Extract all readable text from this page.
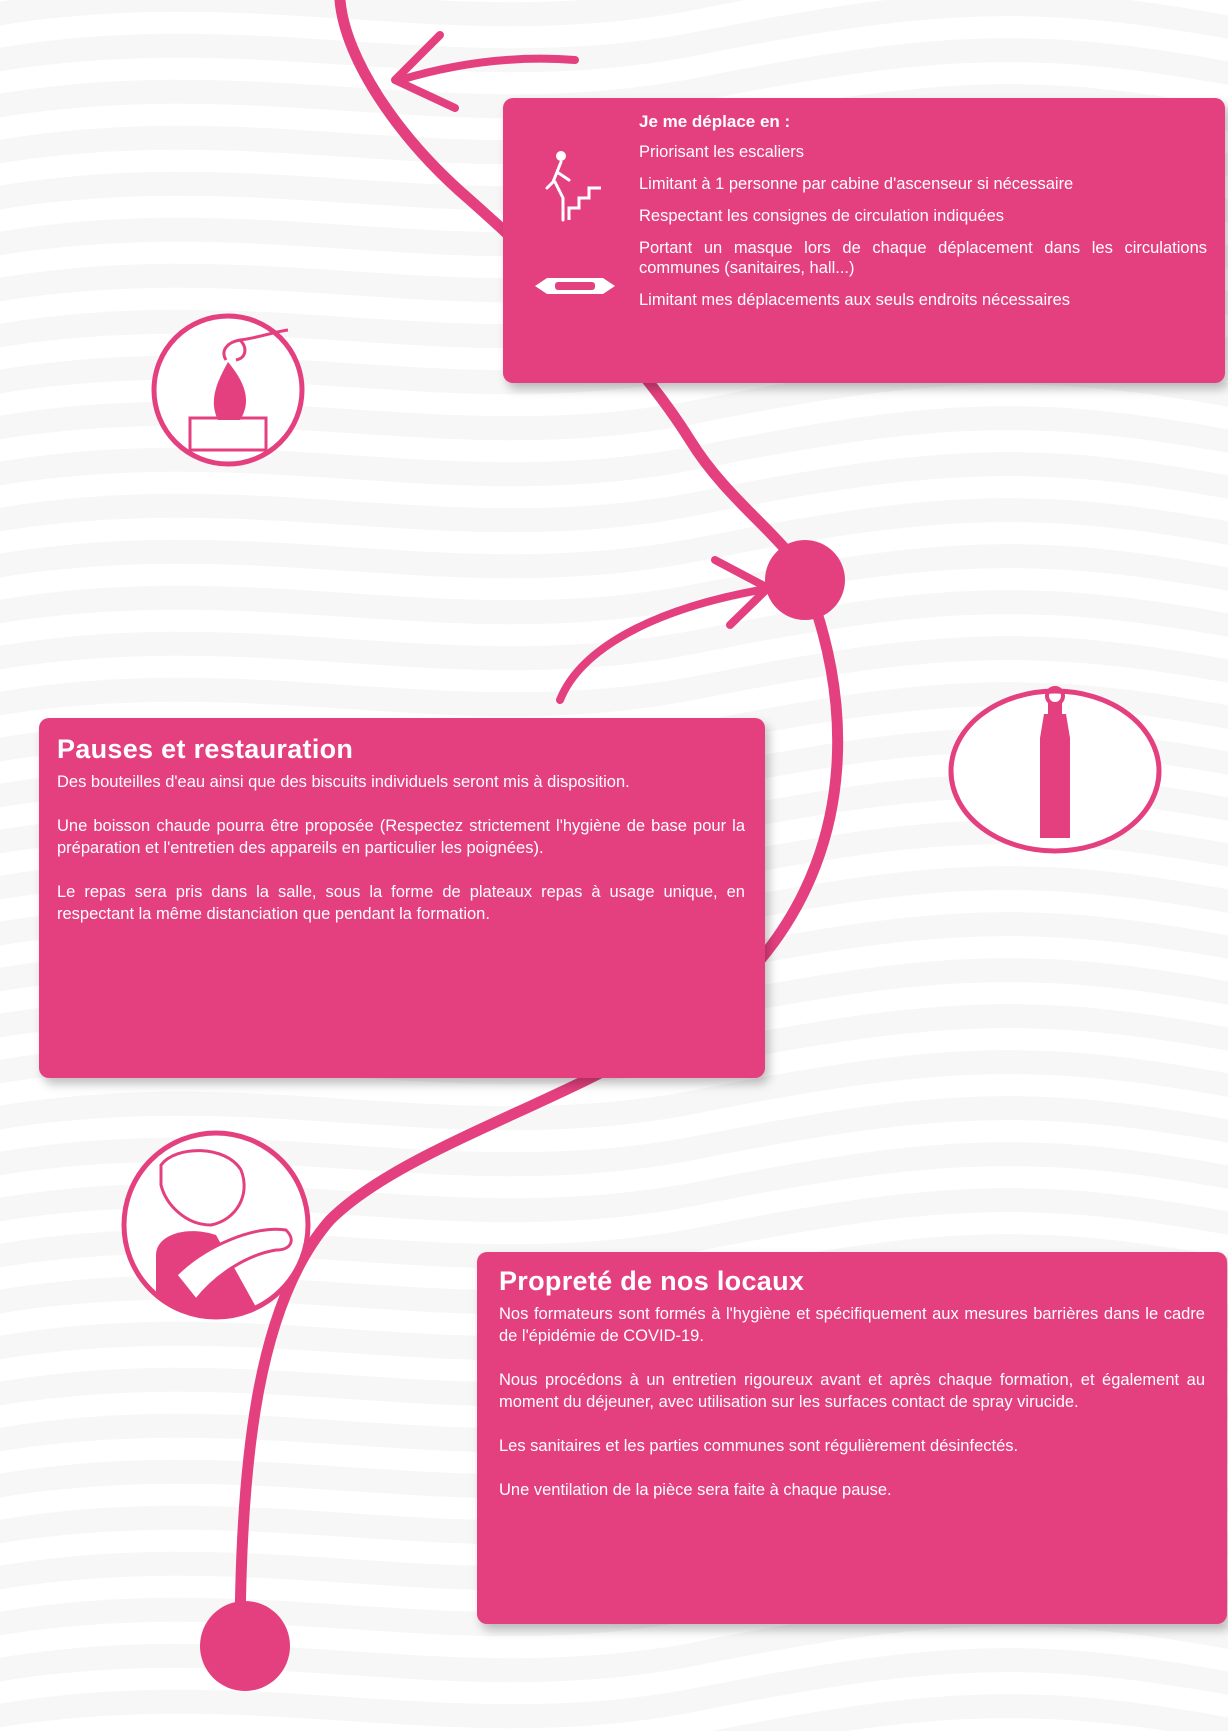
Je me déplace en :
Priorisant les escaliers
Limitant à 1 personne par cabine d'ascenseur si nécessaire
Respectant les consignes de circulation indiquées
Portant un masque lors de chaque déplacement dans les circulations communes (sanitaires, hall...)
Limitant mes déplacements aux seuls endroits nécessaires
Pauses et restauration

Des bouteilles d'eau ainsi que des biscuits individuels seront mis à disposition.

Une boisson chaude pourra être proposée (Respectez strictement l'hygiène de base pour la préparation et l'entretien des appareils en particulier les poignées).

Le repas sera pris dans la salle, sous la forme de plateaux repas à usage unique, en respectant la même distanciation que pendant la formation.

Propreté de nos locaux

Nos formateurs sont formés à l'hygiène et spécifiquement aux mesures barrières dans le cadre de l'épidémie de COVID-19.

Nous procédons à un entretien rigoureux avant et après chaque formation, et également au moment du déjeuner, avec utilisation sur les surfaces contact de spray virucide.

Les sanitaires et les parties communes sont régulièrement désinfectés.

Une ventilation de la pièce sera faite à chaque pause.
